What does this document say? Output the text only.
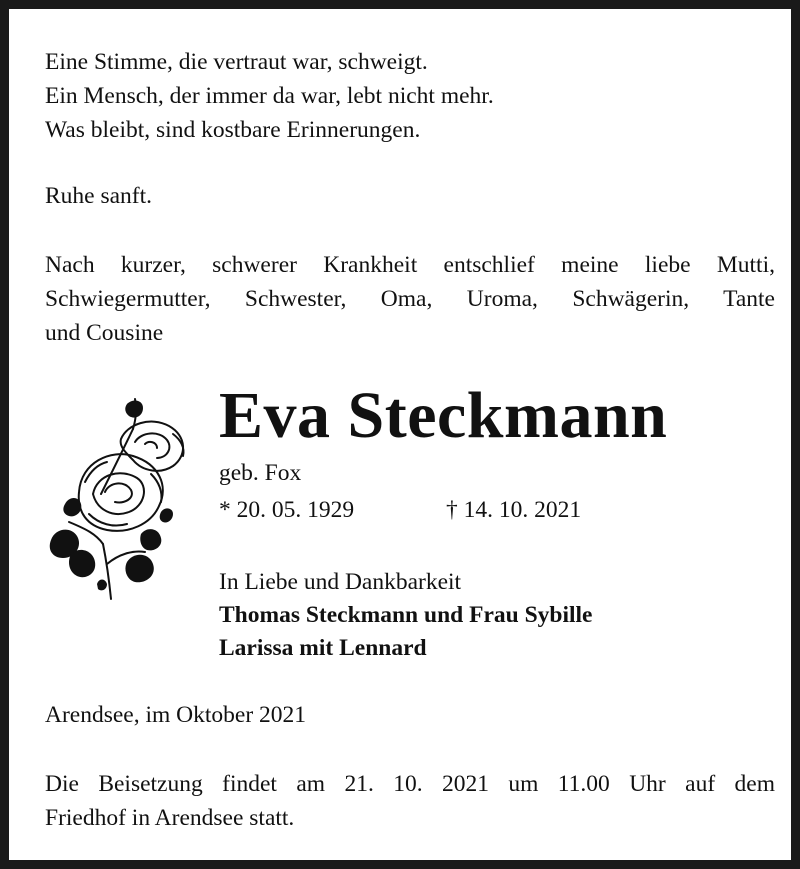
Eine Stimme, die vertraut war, schweigt.
Ein Mensch, der immer da war, lebt nicht mehr.
Was bleibt, sind kostbare Erinnerungen.
Ruhe sanft.
Nach kurzer, schwerer Krankheit entschlief meine liebe Mutti,
Schwiegermutter, Schwester, Oma, Uroma, Schwägerin, Tante
und Cousine
Eva Steckmann
geb. Fox
* 20. 05. 1929	† 14. 10. 2021
In Liebe und Dankbarkeit
Thomas Steckmann und Frau Sybille
Larissa mit Lennard
Arendsee, im Oktober 2021
Die Beisetzung findet am 21. 10. 2021 um 11.00 Uhr auf dem
Friedhof in Arendsee statt.
